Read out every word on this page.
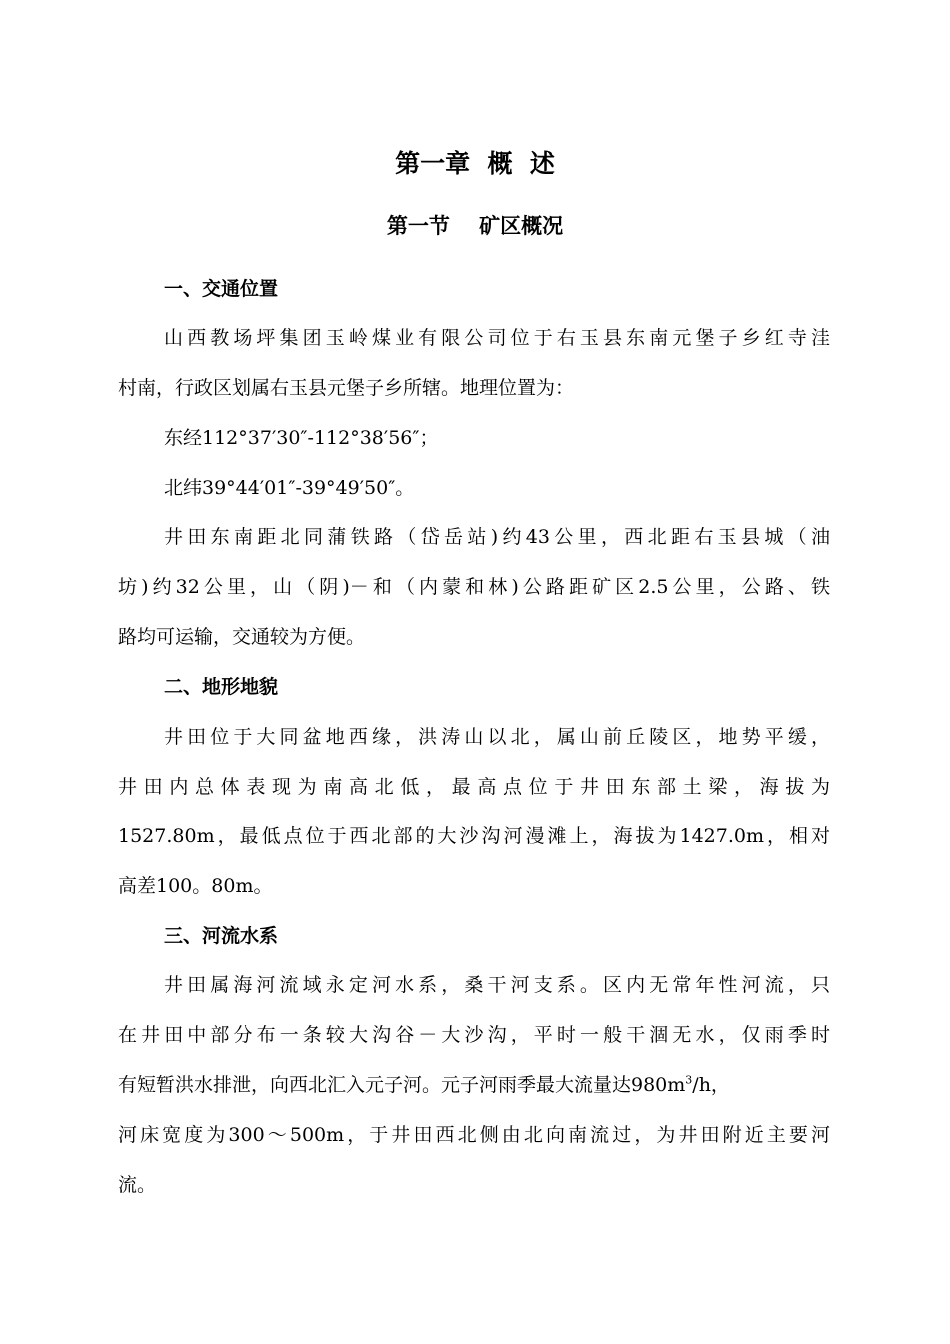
第一章  概  述
第一节    矿区概况
一、交通位置
山西教场坪集团玉岭煤业有限公司位于右玉县东南元堡子乡红寺洼
村南，行政区划属右玉县元堡子乡所辖。地理位置为：
东经112°37′30″-112°38′56″；
北纬39°44′01″-39°49′50″。
井田东南距北同蒲铁路（岱岳站)约43公里，西北距右玉县城（油
坊)约32公里，山（阴)－和（内蒙和林)公路距矿区2.5公里，公路、铁
路均可运输，交通较为方便。
二、地形地貌
井田位于大同盆地西缘，洪涛山以北，属山前丘陵区，地势平缓，
井田内总体表现为南高北低，最高点位于井田东部土梁，海拔为
1527.80m，最低点位于西北部的大沙沟河漫滩上，海拔为1427.0m，相对
高差100。80m。
三、河流水系
井田属海河流域永定河水系，桑干河支系。区内无常年性河流，只
在井田中部分布一条较大沟谷－大沙沟，平时一般干涸无水，仅雨季时
有短暂洪水排泄，向西北汇入元子河。元子河雨季最大流量达$980m^3/h$，
河床宽度为300～500m，于井田西北侧由北向南流过，为井田附近主要河
流。
